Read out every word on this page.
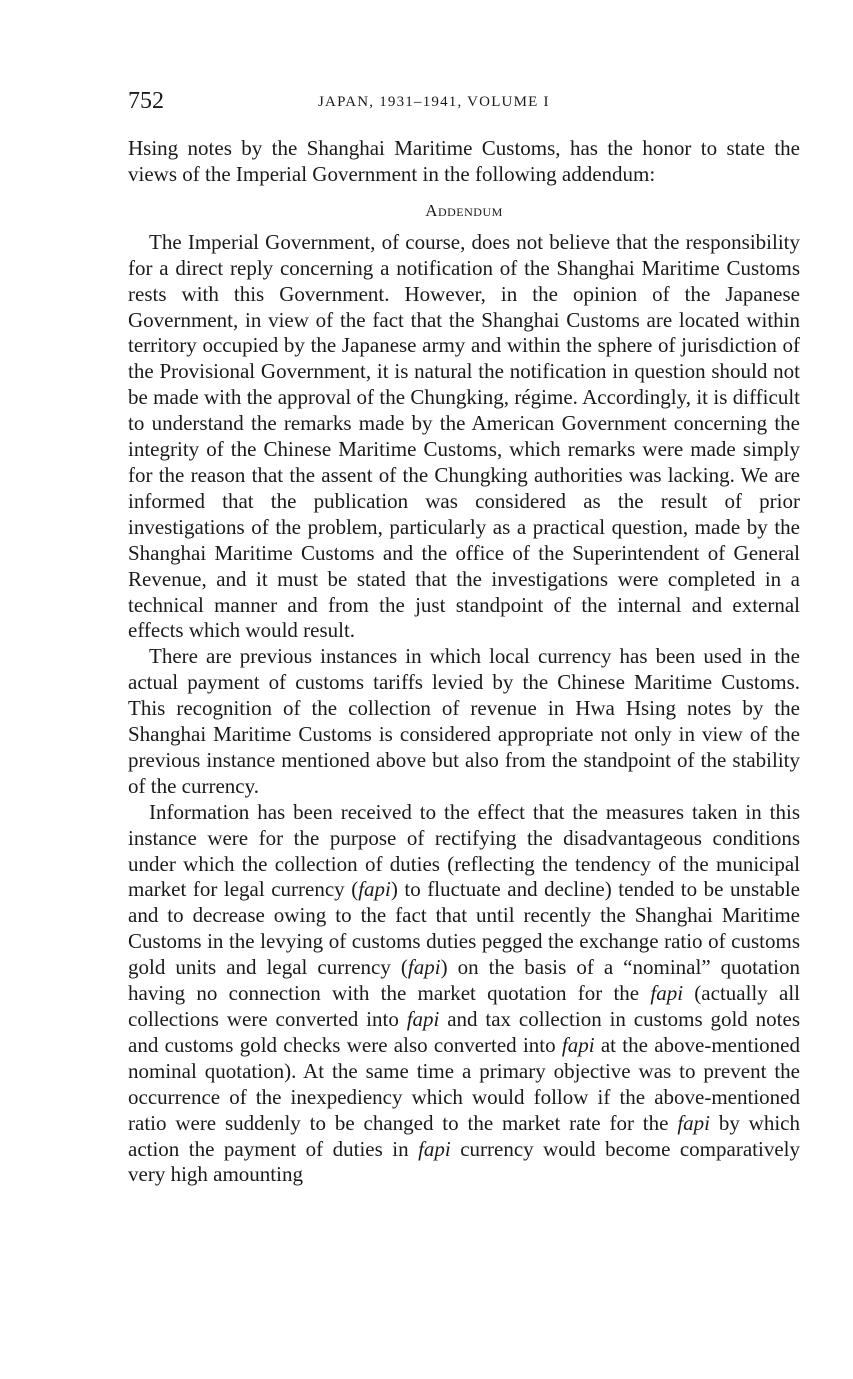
752	JAPAN, 1931–1941, VOLUME I

Hsing notes by the Shanghai Maritime Customs, has the honor to state the views of the Imperial Government in the following addendum:

Addendum

The Imperial Government, of course, does not believe that the responsibility for a direct reply concerning a notification of the Shanghai Maritime Customs rests with this Government. However, in the opinion of the Japanese Government, in view of the fact that the Shanghai Customs are located within territory occupied by the Japanese army and within the sphere of jurisdiction of the Provisional Government, it is natural the notification in question should not be made with the approval of the Chungking, régime. Accordingly, it is difficult to understand the remarks made by the American Government concerning the integrity of the Chinese Maritime Customs, which remarks were made simply for the reason that the assent of the Chungking authorities was lacking. We are informed that the publication was considered as the result of prior investigations of the problem, particularly as a practical question, made by the Shanghai Maritime Customs and the office of the Superintendent of General Revenue, and it must be stated that the investigations were completed in a technical manner and from the just standpoint of the internal and external effects which would result.

There are previous instances in which local currency has been used in the actual payment of customs tariffs levied by the Chinese Maritime Customs. This recognition of the collection of revenue in Hwa Hsing notes by the Shanghai Maritime Customs is considered appropriate not only in view of the previous instance mentioned above but also from the standpoint of the stability of the currency.

Information has been received to the effect that the measures taken in this instance were for the purpose of rectifying the disadvantageous conditions under which the collection of duties (reflecting the tendency of the municipal market for legal currency (fapi) to fluctuate and decline) tended to be unstable and to decrease owing to the fact that until recently the Shanghai Maritime Customs in the levying of customs duties pegged the exchange ratio of customs gold units and legal currency (fapi) on the basis of a “nominal” quotation having no connection with the market quotation for the fapi (actually all collections were converted into fapi and tax collection in customs gold notes and customs gold checks were also converted into fapi at the above-mentioned nominal quotation). At the same time a primary objective was to prevent the occurrence of the inexpediency which would follow if the above-mentioned ratio were suddenly to be changed to the market rate for the fapi by which action the payment of duties in fapi currency would become comparatively very high amounting
